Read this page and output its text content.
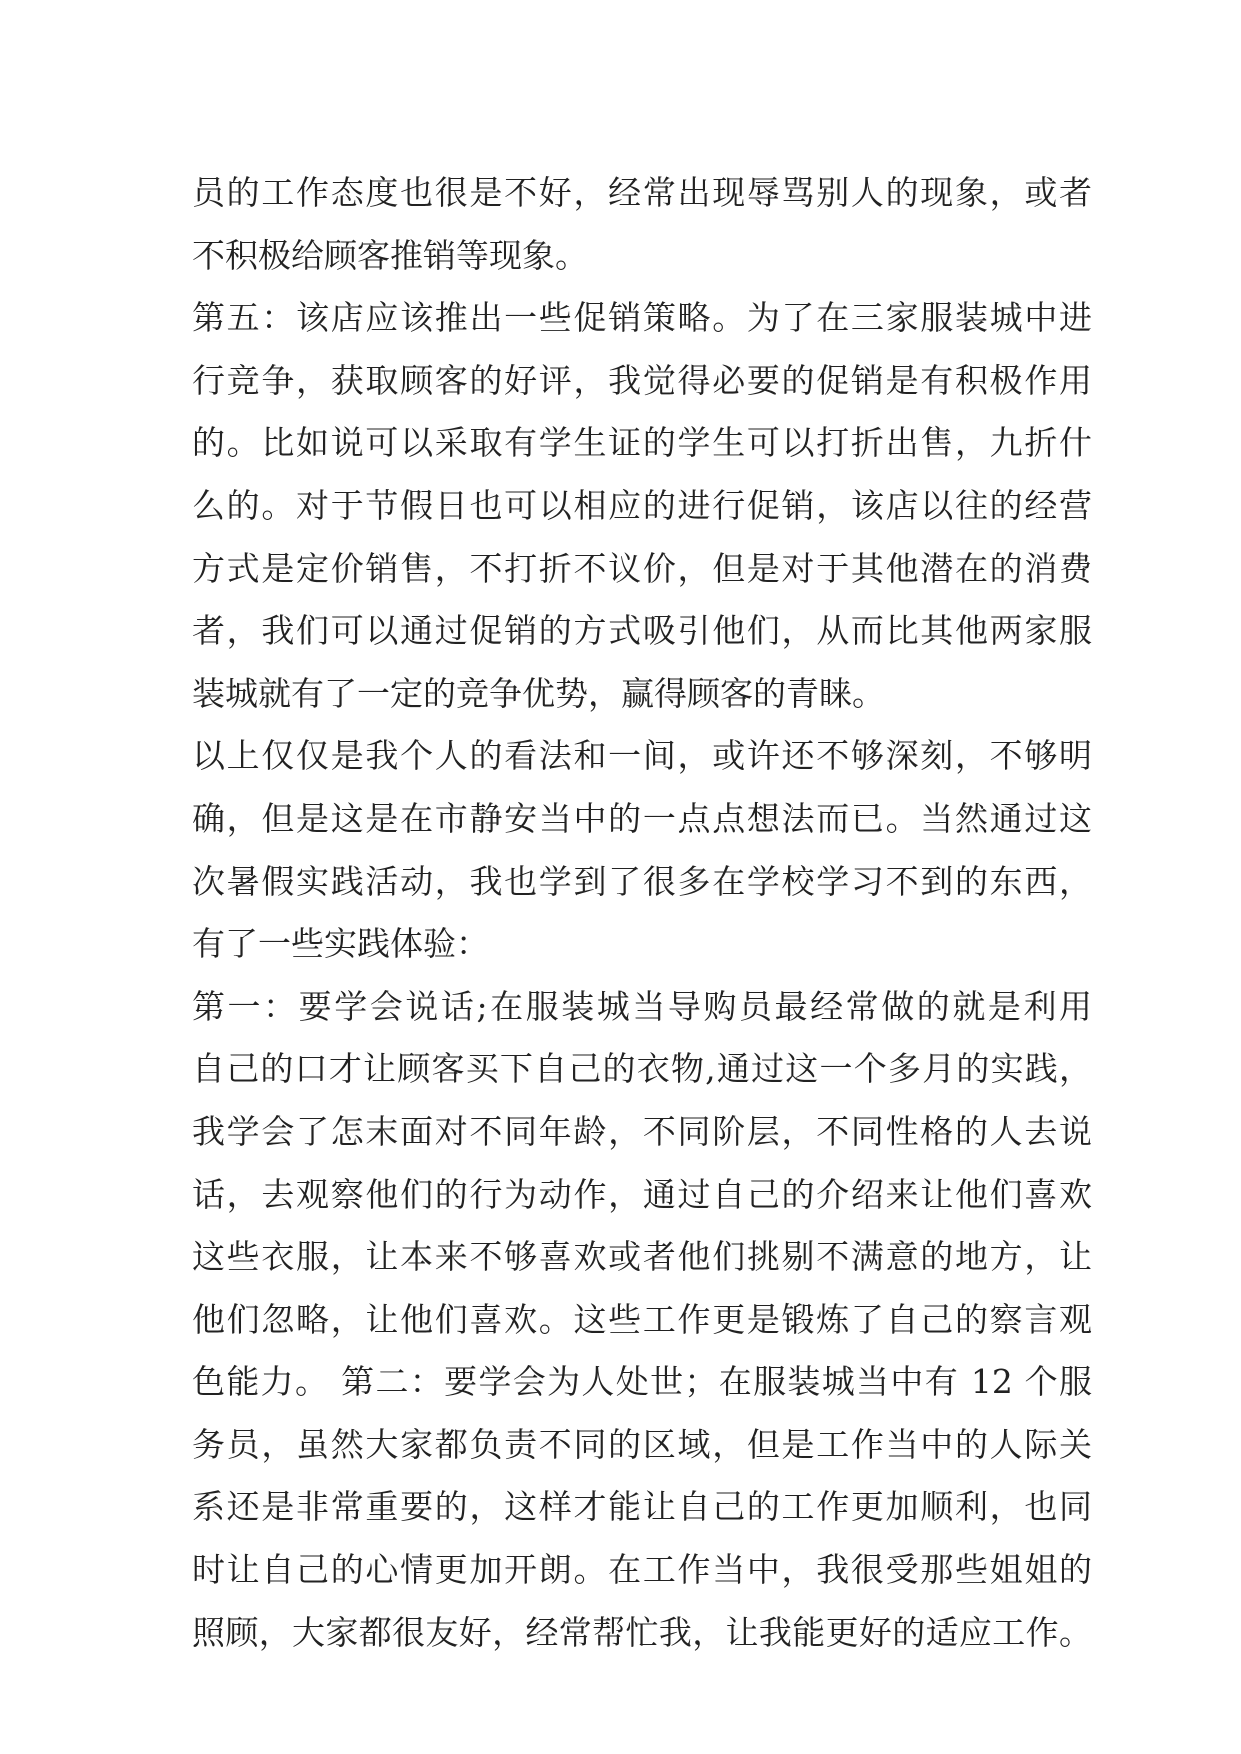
员的工作态度也很是不好，经常出现辱骂别人的现象，或者
不积极给顾客推销等现象。
第五：该店应该推出一些促销策略。为了在三家服装城中进
行竞争，获取顾客的好评，我觉得必要的促销是有积极作用
的。比如说可以采取有学生证的学生可以打折出售，九折什
么的。对于节假日也可以相应的进行促销，该店以往的经营
方式是定价销售，不打折不议价，但是对于其他潜在的消费
者，我们可以通过促销的方式吸引他们，从而比其他两家服
装城就有了一定的竞争优势，赢得顾客的青睐。
以上仅仅是我个人的看法和一间，或许还不够深刻，不够明
确，但是这是在市静安当中的一点点想法而已。当然通过这
次暑假实践活动，我也学到了很多在学校学习不到的东西，
有了一些实践体验：
第一：要学会说话;在服装城当导购员最经常做的就是利用
自己的口才让顾客买下自己的衣物,通过这一个多月的实践，
我学会了怎末面对不同年龄，不同阶层，不同性格的人去说
话，去观察他们的行为动作，通过自己的介绍来让他们喜欢
这些衣服，让本来不够喜欢或者他们挑剔不满意的地方，让
他们忽略，让他们喜欢。这些工作更是锻炼了自己的察言观
色能力。 第二：要学会为人处世；在服装城当中有 12 个服
务员，虽然大家都负责不同的区域，但是工作当中的人际关
系还是非常重要的，这样才能让自己的工作更加顺利，也同
时让自己的心情更加开朗。在工作当中，我很受那些姐姐的
照顾，大家都很友好，经常帮忙我，让我能更好的适应工作。
